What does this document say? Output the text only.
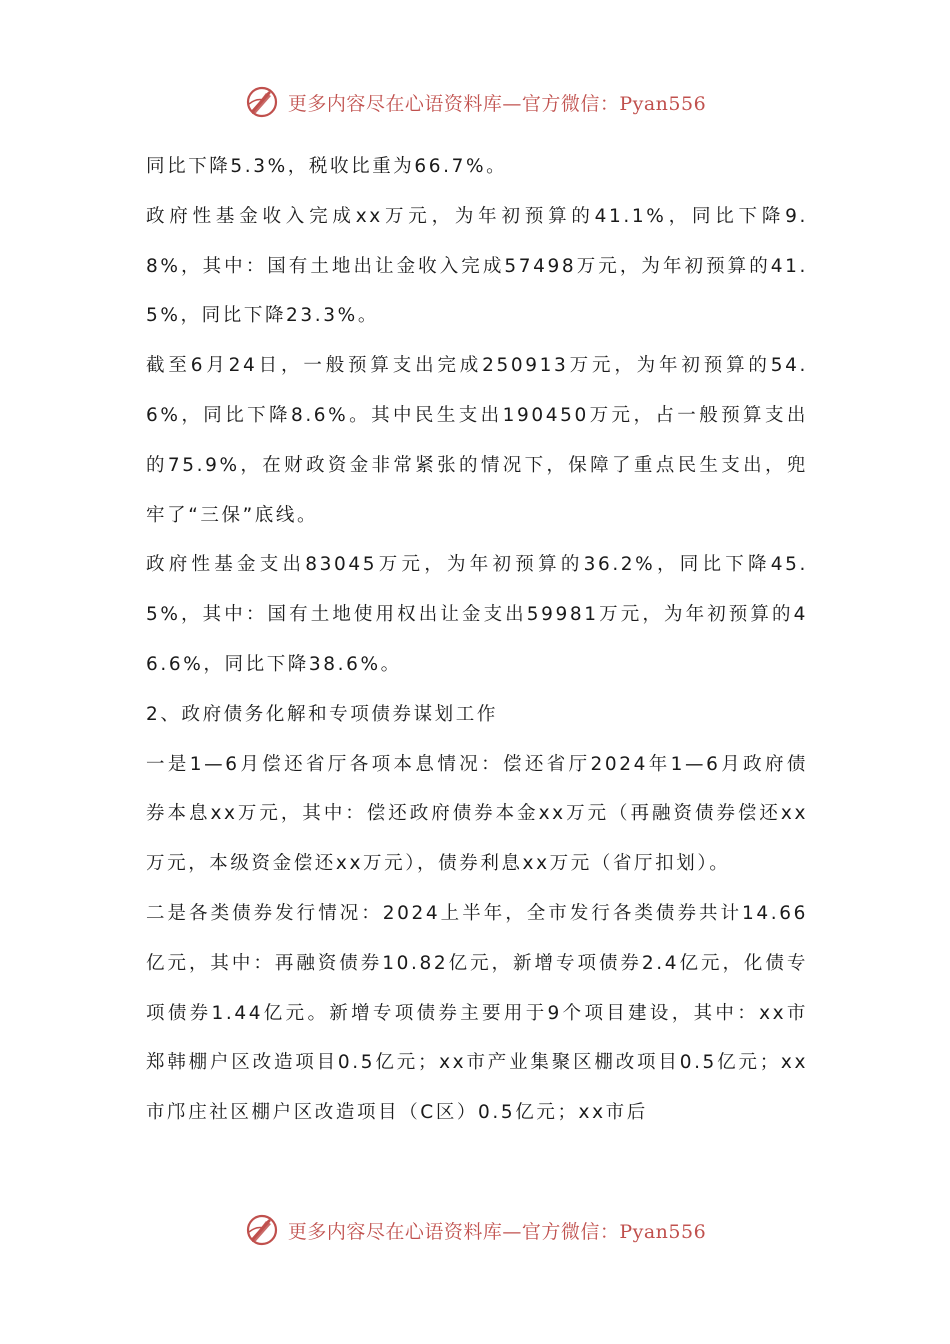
更多内容尽在心语资料库—官方微信：Pyan556

同比下降5.3%，税收比重为66.7%。

政府性基金收入完成xx万元，为年初预算的41.1%，同比下降9.8%，其中：国有土地出让金收入完成57498万元，为年初预算的41.5%，同比下降23.3%。

截至6月24日，一般预算支出完成250913万元，为年初预算的54.6%，同比下降8.6%。其中民生支出190450万元，占一般预算支出的75.9%，在财政资金非常紧张的情况下，保障了重点民生支出，兜牢了“三保”底线。

政府性基金支出83045万元，为年初预算的36.2%，同比下降45.5%，其中：国有土地使用权出让金支出59981万元，为年初预算的46.6%，同比下降38.6%。

2、政府债务化解和专项债券谋划工作

一是1—6月偿还省厅各项本息情况：偿还省厅2024年1—6月政府债券本息xx万元，其中：偿还政府债券本金xx万元（再融资债券偿还xx万元，本级资金偿还xx万元），债券利息xx万元（省厅扣划）。

二是各类债券发行情况：2024上半年，全市发行各类债券共计14.66亿元，其中：再融资债券10.82亿元，新增专项债券2.4亿元，化债专项债券1.44亿元。新增专项债券主要用于9个项目建设，其中：xx市郑韩棚户区改造项目0.5亿元；xx市产业集聚区棚改项目0.5亿元；xx市邝庄社区棚户区改造项目（C区）0.5亿元；xx市后

更多内容尽在心语资料库—官方微信：Pyan556
